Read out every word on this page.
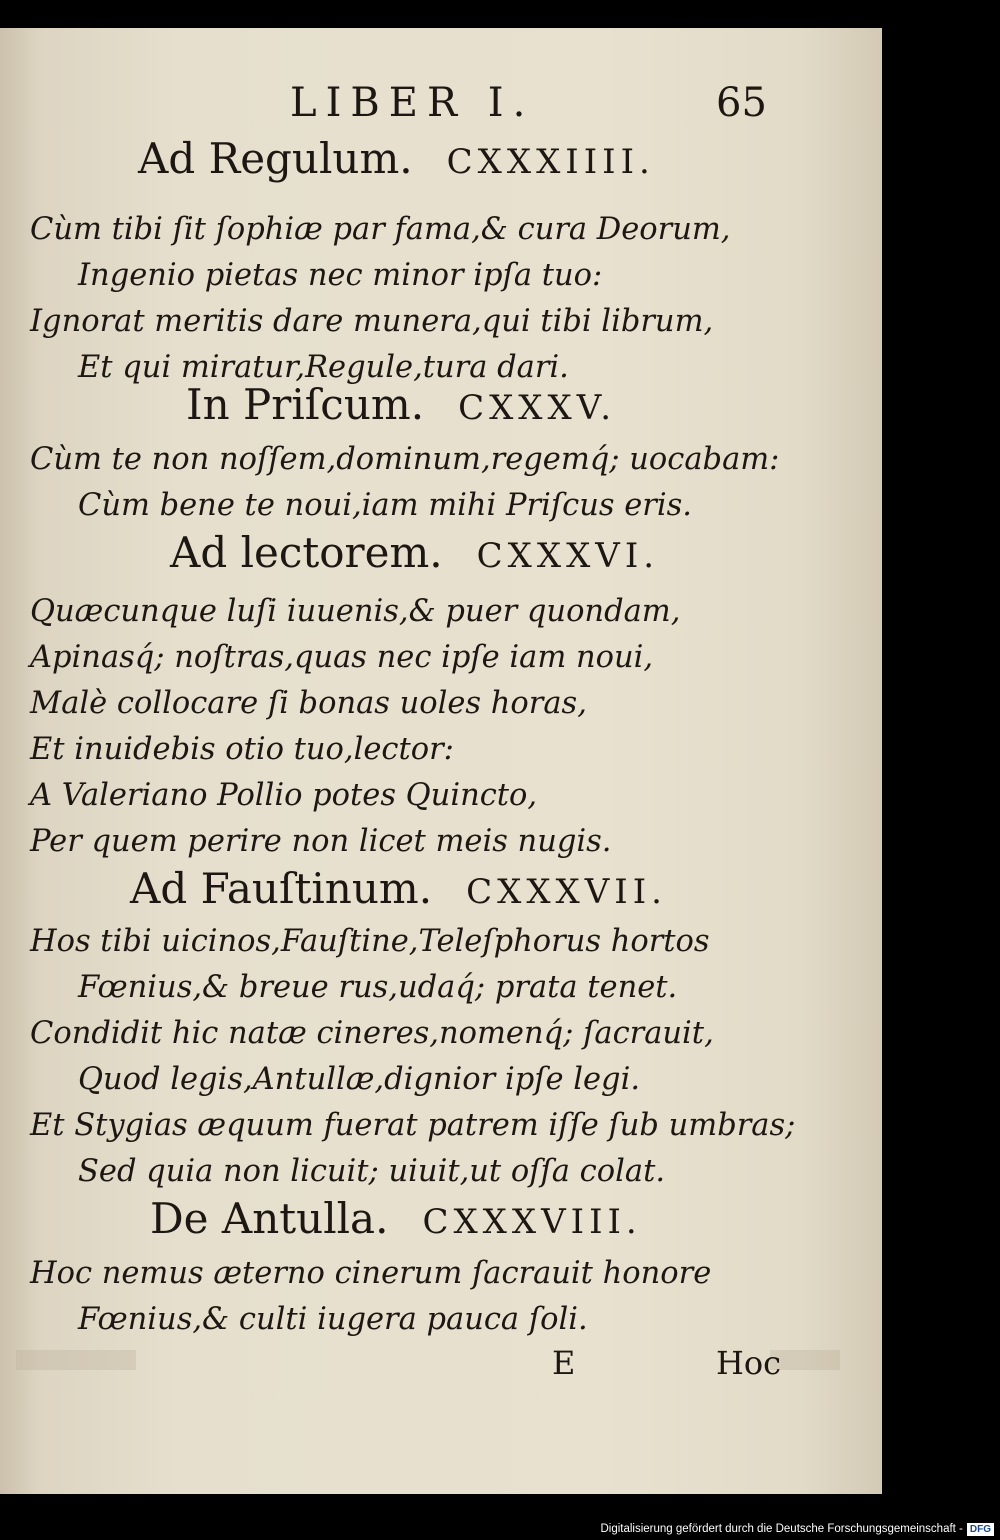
LIBER I.	65
Ad Regulum. CXXXIIII.
Cùm tibi ſit ſophiæ par fama,& cura Deorum,
Ingenio pietas nec minor ipſa tuo:
Ignorat meritis dare munera,qui tibi librum,
Et qui miratur,Regule,tura dari.
In Priſcum. CXXXV.
Cùm te non noſſem,dominum,regemq́; uocabam:
Cùm bene te noui,iam mihi Priſcus eris.
Ad lectorem. CXXXVI.
Quæcunque luſi iuuenis,& puer quondam,
Apinasq́; noſtras,quas nec ipſe iam noui,
Malè collocare ſi bonas uoles horas,
Et inuidebis otio tuo,lector:
A Valeriano Pollio potes Quincto,
Per quem perire non licet meis nugis.
Ad Fauſtinum. CXXXVII.
Hos tibi uicinos,Fauſtine,Teleſphorus hortos
Fœnius,& breue rus,udaq́; prata tenet.
Condidit hic natæ cineres,nomenq́; ſacrauit,
Quod legis,Antullæ,dignior ipſe legi.
Et Stygias æquum fuerat patrem iſſe ſub umbras;
Sed quia non licuit; uiuit,ut oſſa colat.
De Antulla. CXXXVIII.
Hoc nemus æterno cinerum ſacrauit honore
Fœnius,& culti iugera pauca ſoli.
E	Hoc
Digitalisierung gefördert durch die Deutsche Forschungsgemeinschaft - DFG
